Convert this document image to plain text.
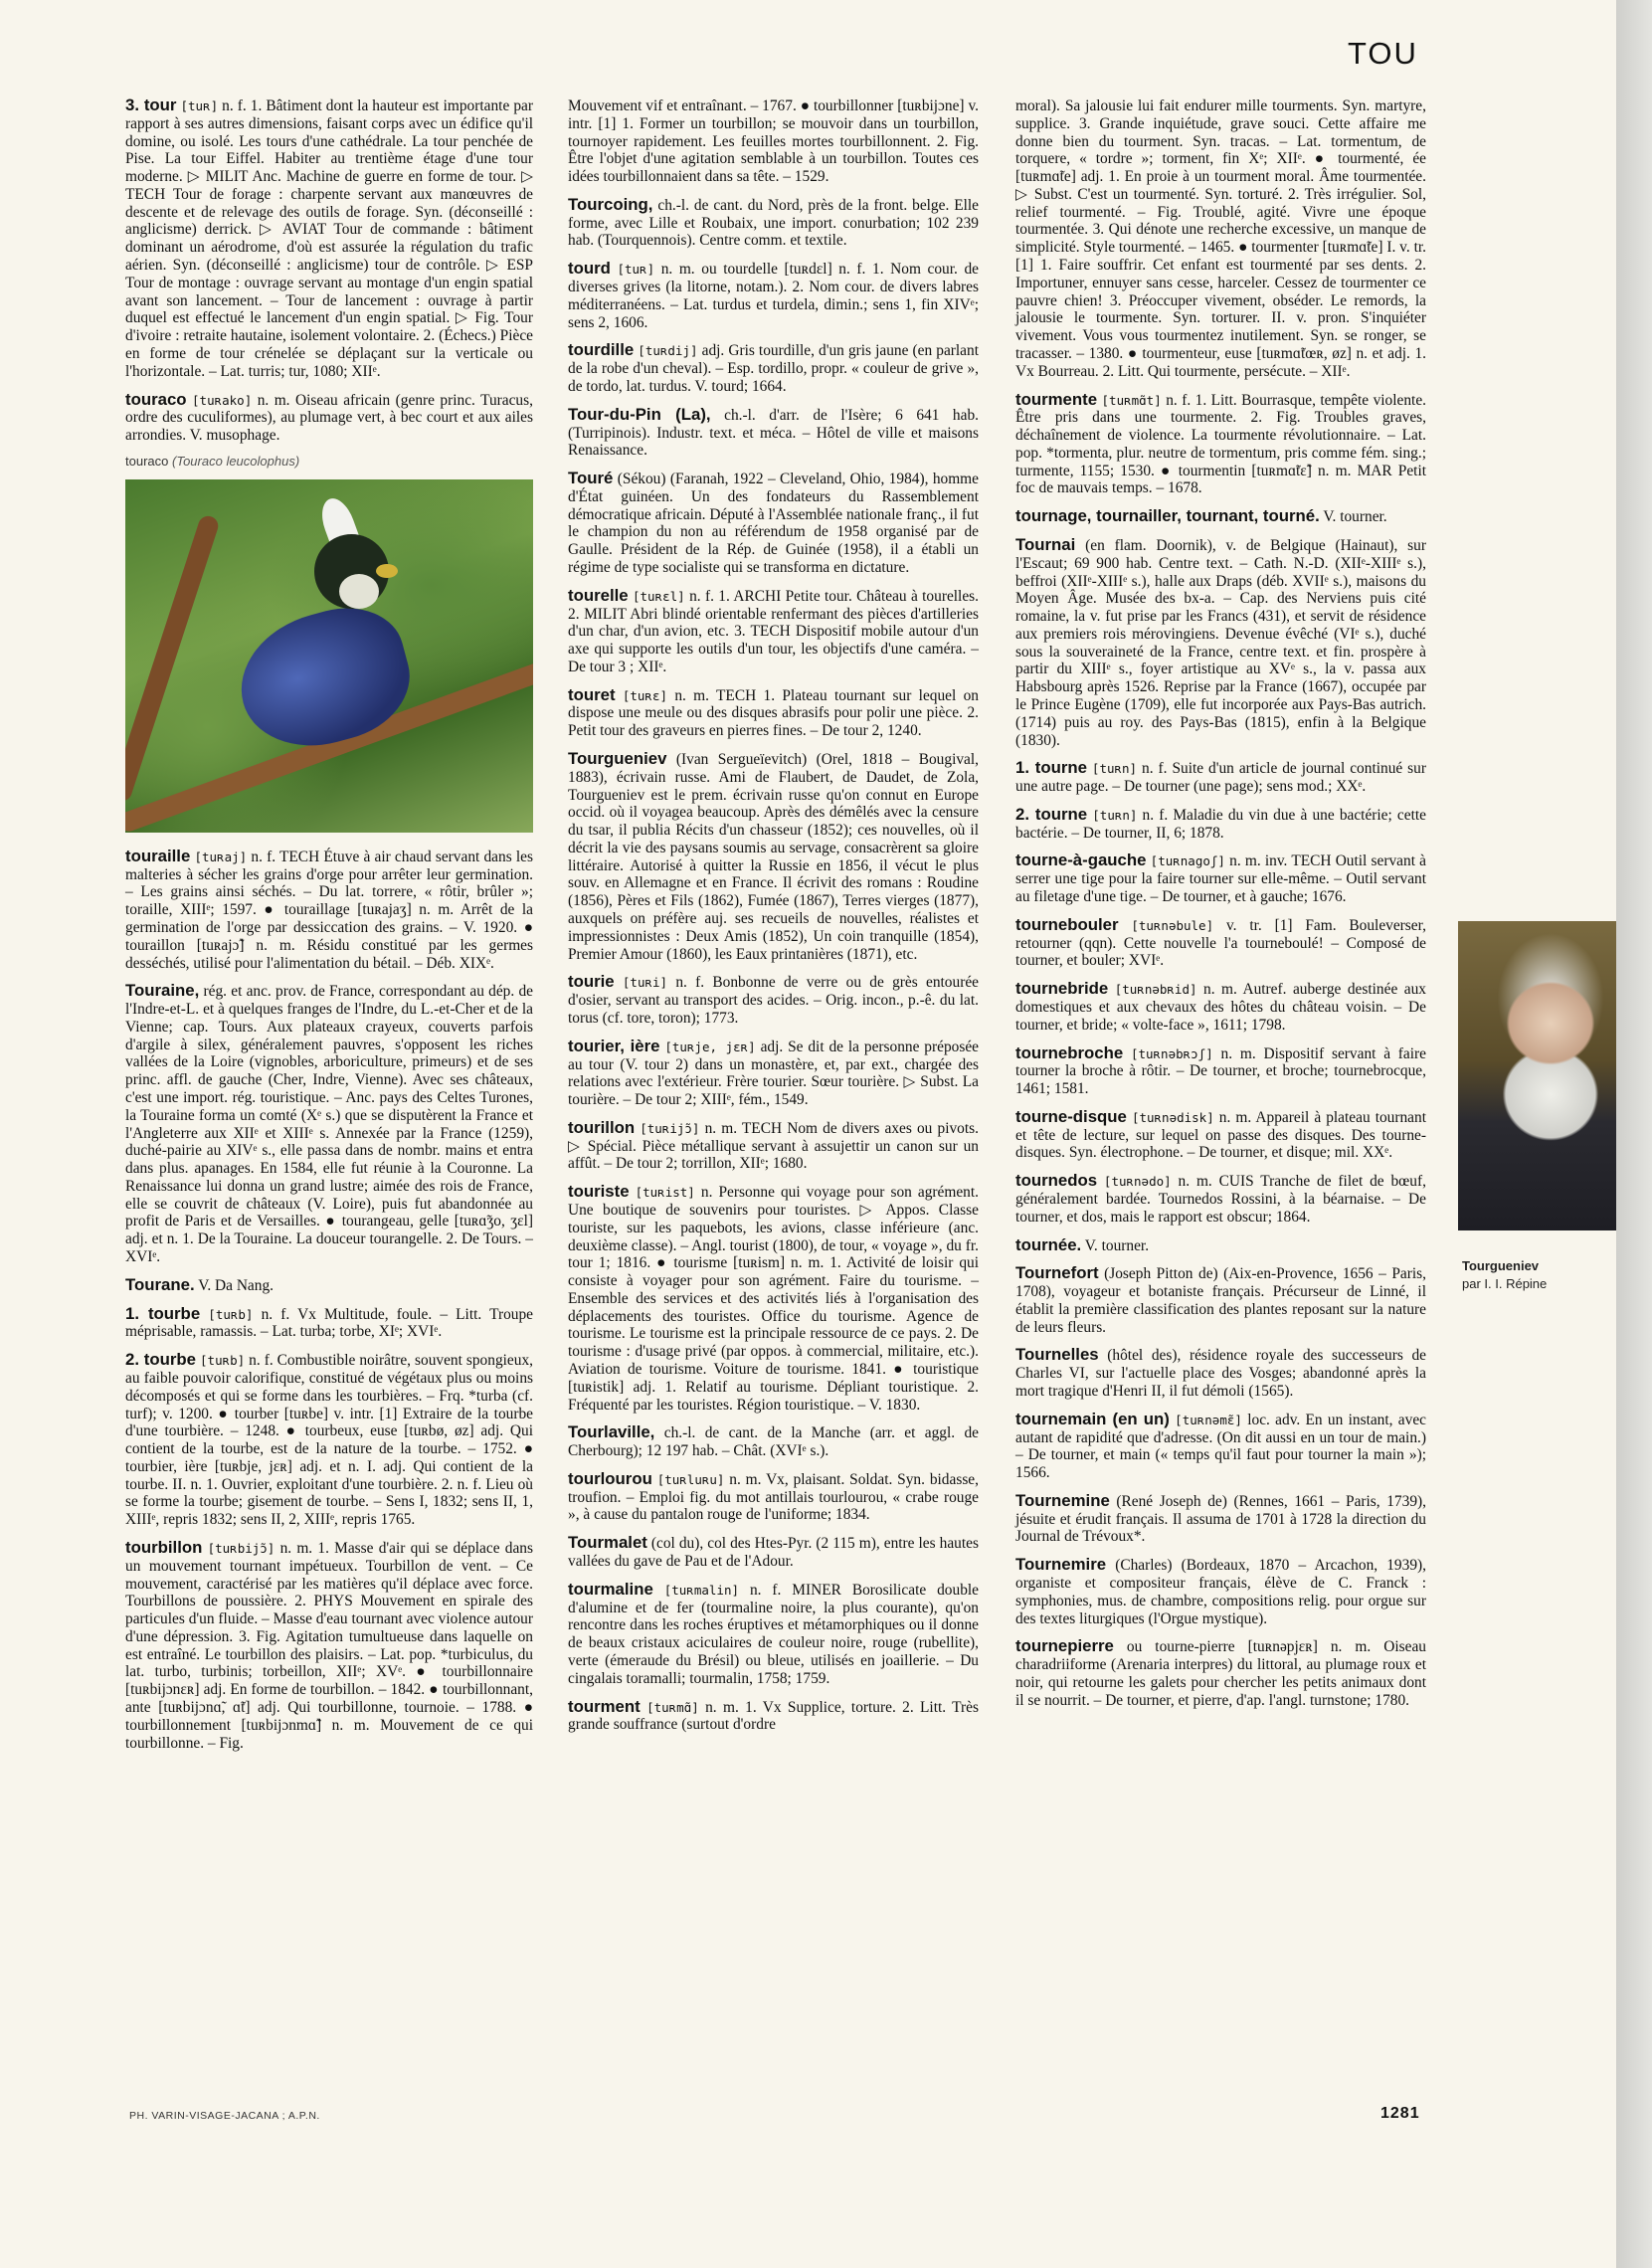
TOU

3. tour [tuʀ] n. f. 1. Bâtiment dont la hauteur est importante par rapport à ses autres dimensions, faisant corps avec un édifice qu'il domine, ou isolé. Les tours d'une cathédrale. La tour penchée de Pise. La tour Eiffel. Habiter au trentième étage d'une tour moderne. ▷ MILIT Anc. Machine de guerre en forme de tour. ▷ TECH Tour de forage : charpente servant aux manœuvres de descente et de relevage des outils de forage. Syn. (déconseillé : anglicisme) derrick. ▷ AVIAT Tour de commande : bâtiment dominant un aérodrome, d'où est assurée la régulation du trafic aérien. Syn. (déconseillé : anglicisme) tour de contrôle. ▷ ESP Tour de montage : ouvrage servant au montage d'un engin spatial avant son lancement. – Tour de lancement : ouvrage à partir duquel est effectué le lancement d'un engin spatial. ▷ Fig. Tour d'ivoire : retraite hautaine, isolement volontaire. 2. (Échecs.) Pièce en forme de tour crénelée se déplaçant sur la verticale ou l'horizontale. – Lat. turris; tur, 1080; XIIᵉ.

touraco [tuʀako] n. m. Oiseau africain (genre princ. Turacus, ordre des cuculiformes), au plumage vert, à bec court et aux ailes arrondies. V. musophage.

touraco (Touraco leucolophus)

touraille [tuʀaj] n. f. TECH Étuve à air chaud servant dans les malteries à sécher les grains d'orge pour arrêter leur germination. – Les grains ainsi séchés. – Du lat. torrere, « rôtir, brûler »; toraille, XIIIᵉ; 1597. ● touraillage [tuʀajaʒ] n. m. Arrêt de la germination de l'orge par dessiccation des grains. – V. 1920. ● touraillon [tuʀajɔ̃] n. m. Résidu constitué par les germes desséchés, utilisé pour l'alimentation du bétail. – Déb. XIXᵉ.

Touraine, rég. et anc. prov. de France, correspondant au dép. de l'Indre-et-L. et à quelques franges de l'Indre, du L.-et-Cher et de la Vienne; cap. Tours. Aux plateaux crayeux, couverts parfois d'argile à silex, généralement pauvres, s'opposent les riches vallées de la Loire (vignobles, arboriculture, primeurs) et de ses princ. affl. de gauche (Cher, Indre, Vienne). Avec ses châteaux, c'est une import. rég. touristique. – Anc. pays des Celtes Turones, la Touraine forma un comté (Xᵉ s.) que se disputèrent la France et l'Angleterre aux XIIᵉ et XIIIᵉ s. Annexée par la France (1259), duché-pairie au XIVᵉ s., elle passa dans de nombr. mains et entra dans plus. apanages. En 1584, elle fut réunie à la Couronne. La Renaissance lui donna un grand lustre; aimée des rois de France, elle se couvrit de châteaux (V. Loire), puis fut abandonnée au profit de Paris et de Versailles. ● tourangeau, gelle [tuʀɑ̃ʒo, ʒɛl] adj. et n. 1. De la Touraine. La douceur tourangelle. 2. De Tours. – XVIᵉ.

Tourane. V. Da Nang.

1. tourbe [tuʀb] n. f. Vx Multitude, foule. – Litt. Troupe méprisable, ramassis. – Lat. turba; torbe, XIᵉ; XVIᵉ.

2. tourbe [tuʀb] n. f. Combustible noirâtre, souvent spongieux, au faible pouvoir calorifique, constitué de végétaux plus ou moins décomposés et qui se forme dans les tourbières. – Frq. *turba (cf. turf); v. 1200. ● tourber [tuʀbe] v. intr. [1] Extraire de la tourbe d'une tourbière. – 1248. ● tourbeux, euse [tuʀbø, øz] adj. Qui contient de la tourbe, est de la nature de la tourbe. – 1752. ● tourbier, ière [tuʀbje, jɛʀ] adj. et n. I. adj. Qui contient de la tourbe. II. n. 1. Ouvrier, exploitant d'une tourbière. 2. n. f. Lieu où se forme la tourbe; gisement de tourbe. – Sens I, 1832; sens II, 1, XIIIᵉ, repris 1832; sens II, 2, XIIIᵉ, repris 1765.

tourbillon [tuʀbijɔ̃] n. m. 1. Masse d'air qui se déplace dans un mouvement tournant impétueux. Tourbillon de vent. – Ce mouvement, caractérisé par les matières qu'il déplace avec force. Tourbillons de poussière. 2. PHYS Mouvement en spirale des particules d'un fluide. – Masse d'eau tournant avec violence autour d'une dépression. 3. Fig. Agitation tumultueuse dans laquelle on est entraîné. Le tourbillon des plaisirs. – Lat. pop. *turbiculus, du lat. turbo, turbinis; torbeillon, XIIᵉ; XVᵉ. ● tourbillonnaire [tuʀbijɔnɛʀ] adj. En forme de tourbillon. – 1842. ● tourbillonnant, ante [tuʀbijɔnɑ̃, ɑ̃t] adj. Qui tourbillonne, tournoie. – 1788. ● tourbillonnement [tuʀbijɔnmɑ̃] n. m. Mouvement de ce qui tourbillonne. – Fig.

Mouvement vif et entraînant. – 1767. ● tourbillonner [tuʀbijɔne] v. intr. [1] 1. Former un tourbillon; se mouvoir dans un tourbillon, tournoyer rapidement. Les feuilles mortes tourbillonnent. 2. Fig. Être l'objet d'une agitation semblable à un tourbillon. Toutes ces idées tourbillonnaient dans sa tête. – 1529.

Tourcoing, ch.-l. de cant. du Nord, près de la front. belge. Elle forme, avec Lille et Roubaix, une import. conurbation; 102 239 hab. (Tourquennois). Centre comm. et textile.

tourd [tuʀ] n. m. ou tourdelle [tuʀdɛl] n. f. 1. Nom cour. de diverses grives (la litorne, notam.). 2. Nom cour. de divers labres méditerranéens. – Lat. turdus et turdela, dimin.; sens 1, fin XIVᵉ; sens 2, 1606.

tourdille [tuʀdij] adj. Gris tourdille, d'un gris jaune (en parlant de la robe d'un cheval). – Esp. tordillo, propr. « couleur de grive », de tordo, lat. turdus. V. tourd; 1664.

Tour-du-Pin (La), ch.-l. d'arr. de l'Isère; 6 641 hab. (Turripinois). Industr. text. et méca. – Hôtel de ville et maisons Renaissance.

Touré (Sékou) (Faranah, 1922 – Cleveland, Ohio, 1984), homme d'État guinéen. Un des fondateurs du Rassemblement démocratique africain. Député à l'Assemblée nationale franç., il fut le champion du non au référendum de 1958 organisé par de Gaulle. Président de la Rép. de Guinée (1958), il a établi un régime de type socialiste qui se transforma en dictature.

tourelle [tuʀɛl] n. f. 1. ARCHI Petite tour. Château à tourelles. 2. MILIT Abri blindé orientable renfermant des pièces d'artilleries d'un char, d'un avion, etc. 3. TECH Dispositif mobile autour d'un axe qui supporte les outils d'un tour, les objectifs d'une caméra. – De tour 3 ; XIIᵉ.

touret [tuʀɛ] n. m. TECH 1. Plateau tournant sur lequel on dispose une meule ou des disques abrasifs pour polir une pièce. 2. Petit tour des graveurs en pierres fines. – De tour 2, 1240.

Tourgueniev (Ivan Sergueïevitch) (Orel, 1818 – Bougival, 1883), écrivain russe. Ami de Flaubert, de Daudet, de Zola, Tourgueniev est le prem. écrivain russe qu'on connut en Europe occid. où il voyagea beaucoup. Après des démêlés avec la censure du tsar, il publia Récits d'un chasseur (1852); ces nouvelles, où il décrit la vie des paysans soumis au servage, consacrèrent sa gloire littéraire. Autorisé à quitter la Russie en 1856, il vécut le plus souv. en Allemagne et en France. Il écrivit des romans : Roudine (1856), Pères et Fils (1862), Fumée (1867), Terres vierges (1877), auxquels on préfère auj. ses recueils de nouvelles, réalistes et impressionnistes : Deux Amis (1852), Un coin tranquille (1854), Premier Amour (1860), les Eaux printanières (1871), etc.

tourie [tuʀi] n. f. Bonbonne de verre ou de grès entourée d'osier, servant au transport des acides. – Orig. incon., p.-ê. du lat. torus (cf. tore, toron); 1773.

tourier, ière [tuʀje, jɛʀ] adj. Se dit de la personne préposée au tour (V. tour 2) dans un monastère, et, par ext., chargée des relations avec l'extérieur. Frère tourier. Sœur tourière. ▷ Subst. La tourière. – De tour 2; XIIIᵉ, fém., 1549.

tourillon [tuʀijɔ̃] n. m. TECH Nom de divers axes ou pivots. ▷ Spécial. Pièce métallique servant à assujettir un canon sur un affût. – De tour 2; torrillon, XIIᵉ; 1680.

touriste [tuʀist] n. Personne qui voyage pour son agrément. Une boutique de souvenirs pour touristes. ▷ Appos. Classe touriste, sur les paquebots, les avions, classe inférieure (anc. deuxième classe). – Angl. tourist (1800), de tour, « voyage », du fr. tour 1; 1816. ● tourisme [tuʀism] n. m. 1. Activité de loisir qui consiste à voyager pour son agrément. Faire du tourisme. – Ensemble des services et des activités liés à l'organisation des déplacements des touristes. Office du tourisme. Agence de tourisme. Le tourisme est la principale ressource de ce pays. 2. De tourisme : d'usage privé (par oppos. à commercial, militaire, etc.). Aviation de tourisme. Voiture de tourisme. 1841. ● touristique [tuʀistik] adj. 1. Relatif au tourisme. Dépliant touristique. 2. Fréquenté par les touristes. Région touristique. – V. 1830.

Tourlaville, ch.-l. de cant. de la Manche (arr. et aggl. de Cherbourg); 12 197 hab. – Chât. (XVIᵉ s.).

tourlourou [tuʀluʀu] n. m. Vx, plaisant. Soldat. Syn. bidasse, troufion. – Emploi fig. du mot antillais tourlourou, « crabe rouge », à cause du pantalon rouge de l'uniforme; 1834.

Tourmalet (col du), col des Htes-Pyr. (2 115 m), entre les hautes vallées du gave de Pau et de l'Adour.

tourmaline [tuʀmalin] n. f. MINER Borosilicate double d'alumine et de fer (tourmaline noire, la plus courante), qu'on rencontre dans les roches éruptives et métamorphiques ou il donne de beaux cristaux aciculaires de couleur noire, rouge (rubellite), verte (émeraude du Brésil) ou bleue, utilisés en joaillerie. – Du cingalais toramalli; tourmalin, 1758; 1759.

tourment [tuʀmɑ̃] n. m. 1. Vx Supplice, torture. 2. Litt. Très grande souffrance (surtout d'ordre

moral). Sa jalousie lui fait endurer mille tourments. Syn. martyre, supplice. 3. Grande inquiétude, grave souci. Cette affaire me donne bien du tourment. Syn. tracas. – Lat. tormentum, de torquere, « tordre »; torment, fin Xᵉ; XIIᵉ. ● tourmenté, ée [tuʀmɑ̃te] adj. 1. En proie à un tourment moral. Âme tourmentée. ▷ Subst. C'est un tourmenté. Syn. torturé. 2. Très irrégulier. Sol, relief tourmenté. – Fig. Troublé, agité. Vivre une époque tourmentée. 3. Qui dénote une recherche excessive, un manque de simplicité. Style tourmenté. – 1465. ● tourmenter [tuʀmɑ̃te] I. v. tr. [1] 1. Faire souffrir. Cet enfant est tourmenté par ses dents. 2. Importuner, ennuyer sans cesse, harceler. Cessez de tourmenter ce pauvre chien! 3. Préoccuper vivement, obséder. Le remords, la jalousie le tourmente. Syn. torturer. II. v. pron. S'inquiéter vivement. Vous vous tourmentez inutilement. Syn. se ronger, se tracasser. – 1380. ● tourmenteur, euse [tuʀmɑ̃tœʀ, øz] n. et adj. 1. Vx Bourreau. 2. Litt. Qui tourmente, persécute. – XIIᵉ.

tourmente [tuʀmɑ̃t] n. f. 1. Litt. Bourrasque, tempête violente. Être pris dans une tourmente. 2. Fig. Troubles graves, déchaînement de violence. La tourmente révolutionnaire. – Lat. pop. *tormenta, plur. neutre de tormentum, pris comme fém. sing.; turmente, 1155; 1530. ● tourmentin [tuʀmɑ̃tɛ̃] n. m. MAR Petit foc de mauvais temps. – 1678.

tournage, tournailler, tournant, tourné. V. tourner.

Tournai (en flam. Doornik), v. de Belgique (Hainaut), sur l'Escaut; 69 900 hab. Centre text. – Cath. N.-D. (XIIᵉ-XIIIᵉ s.), beffroi (XIIᵉ-XIIIᵉ s.), halle aux Draps (déb. XVIIᵉ s.), maisons du Moyen Âge. Musée des bx-a. – Cap. des Nerviens puis cité romaine, la v. fut prise par les Francs (431), et servit de résidence aux premiers rois mérovingiens. Devenue évêché (VIᵉ s.), duché sous la souveraineté de la France, centre text. et fin. prospère à partir du XIIIᵉ s., foyer artistique au XVᵉ s., la v. passa aux Habsbourg après 1526. Reprise par la France (1667), occupée par le Prince Eugène (1709), elle fut incorporée aux Pays-Bas autrich. (1714) puis au roy. des Pays-Bas (1815), enfin à la Belgique (1830).

1. tourne [tuʀn] n. f. Suite d'un article de journal continué sur une autre page. – De tourner (une page); sens mod.; XXᵉ.

2. tourne [tuʀn] n. f. Maladie du vin due à une bactérie; cette bactérie. – De tourner, II, 6; 1878.

tourne-à-gauche [tuʀnagoʃ] n. m. inv. TECH Outil servant à serrer une tige pour la faire tourner sur elle-même. – Outil servant au filetage d'une tige. – De tourner, et à gauche; 1676.

tournebouler [tuʀnəbule] v. tr. [1] Fam. Bouleverser, retourner (qqn). Cette nouvelle l'a tourneboulé! – Composé de tourner, et bouler; XVIᵉ.

tournebride [tuʀnəbʀid] n. m. Autref. auberge destinée aux domestiques et aux chevaux des hôtes du château voisin. – De tourner, et bride; « volte-face », 1611; 1798.

tournebroche [tuʀnəbʀɔʃ] n. m. Dispositif servant à faire tourner la broche à rôtir. – De tourner, et broche; tournebrocque, 1461; 1581.

tourne-disque [tuʀnədisk] n. m. Appareil à plateau tournant et tête de lecture, sur lequel on passe des disques. Des tourne-disques. Syn. électrophone. – De tourner, et disque; mil. XXᵉ.

tournedos [tuʀnədo] n. m. CUIS Tranche de filet de bœuf, généralement bardée. Tournedos Rossini, à la béarnaise. – De tourner, et dos, mais le rapport est obscur; 1864.

tournée. V. tourner.

Tournefort (Joseph Pitton de) (Aix-en-Provence, 1656 – Paris, 1708), voyageur et botaniste français. Précurseur de Linné, il établit la première classification des plantes reposant sur la nature de leurs fleurs.

Tournelles (hôtel des), résidence royale des successeurs de Charles VI, sur l'actuelle place des Vosges; abandonné après la mort tragique d'Henri II, il fut démoli (1565).

tournemain (en un) [tuʀnəmɛ̃] loc. adv. En un instant, avec autant de rapidité que d'adresse. (On dit aussi en un tour de main.) – De tourner, et main (« temps qu'il faut pour tourner la main »); 1566.

Tournemine (René Joseph de) (Rennes, 1661 – Paris, 1739), jésuite et érudit français. Il assuma de 1701 à 1728 la direction du Journal de Trévoux*.

Tournemire (Charles) (Bordeaux, 1870 – Arcachon, 1939), organiste et compositeur français, élève de C. Franck : symphonies, mus. de chambre, compositions relig. pour orgue sur des textes liturgiques (l'Orgue mystique).

tournepierre ou tourne-pierre [tuʀnəpjɛʀ] n. m. Oiseau charadriiforme (Arenaria interpres) du littoral, au plumage roux et noir, qui retourne les galets pour chercher les petits animaux dont il se nourrit. – De tourner, et pierre, d'ap. l'angl. turnstone; 1780.

Tourgueniev
par I. I. Répine
PH. VARIN-VISAGE-JACANA ; A.P.N.	1281
